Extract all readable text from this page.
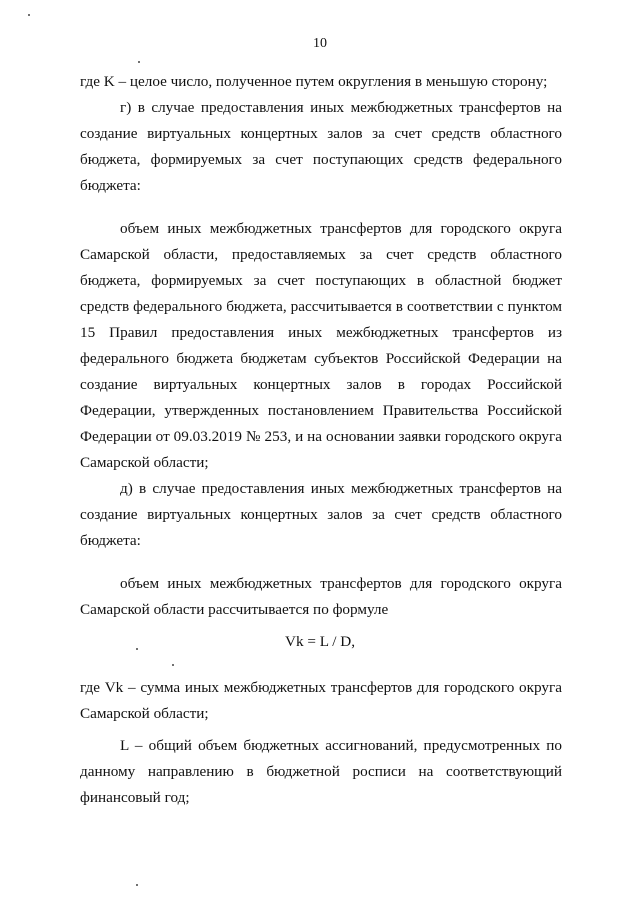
10

где K – целое число, полученное путем округления в меньшую сторону;

г) в случае предоставления иных межбюджетных трансфертов на создание виртуальных концертных залов за счет средств областного бюджета, формируемых за счет поступающих средств федерального бюджета:

объем иных межбюджетных трансфертов для городского округа Самарской области, предоставляемых за счет средств областного бюджета, формируемых за счет поступающих в областной бюджет средств федерального бюджета, рассчитывается в соответствии с пунктом 15 Правил предоставления иных межбюджетных трансфертов из федерального бюджета бюджетам субъектов Российской Федерации на создание виртуальных концертных залов в городах Российской Федерации, утвержденных постановлением Правительства Российской Федерации от 09.03.2019 № 253, и на основании заявки городского округа Самарской области;

д) в случае предоставления иных межбюджетных трансфертов на создание виртуальных концертных залов за счет средств областного бюджета:

объем иных межбюджетных трансфертов для городского округа Самарской области рассчитывается по формуле

Vk = L / D,

где Vk – сумма иных межбюджетных трансфертов для городского округа Самарской области;

L – общий объем бюджетных ассигнований, предусмотренных по данному направлению в бюджетной росписи на соответствующий финансовый год;
